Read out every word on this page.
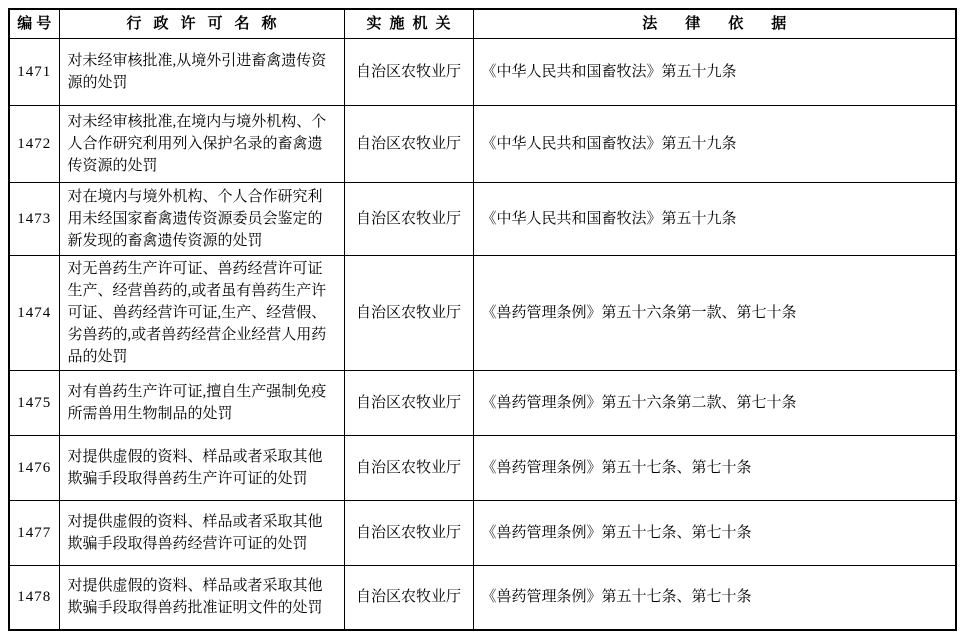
编号	行政许可名称	实施机关	法律依据
1471	对未经审核批准,从境外引进畜禽遗传资源的处罚	自治区农牧业厅	《中华人民共和国畜牧法》第五十九条
1472	对未经审核批准,在境内与境外机构、个人合作研究利用列入保护名录的畜禽遗传资源的处罚	自治区农牧业厅	《中华人民共和国畜牧法》第五十九条
1473	对在境内与境外机构、个人合作研究利用未经国家畜禽遗传资源委员会鉴定的新发现的畜禽遗传资源的处罚	自治区农牧业厅	《中华人民共和国畜牧法》第五十九条
1474	对无兽药生产许可证、兽药经营许可证生产、经营兽药的,或者虽有兽药生产许可证、兽药经营许可证,生产、经营假、劣兽药的,或者兽药经营企业经营人用药品的处罚	自治区农牧业厅	《兽药管理条例》第五十六条第一款、第七十条
1475	对有兽药生产许可证,擅自生产强制免疫所需兽用生物制品的处罚	自治区农牧业厅	《兽药管理条例》第五十六条第二款、第七十条
1476	对提供虚假的资料、样品或者采取其他欺骗手段取得兽药生产许可证的处罚	自治区农牧业厅	《兽药管理条例》第五十七条、第七十条
1477	对提供虚假的资料、样品或者采取其他欺骗手段取得兽药经营许可证的处罚	自治区农牧业厅	《兽药管理条例》第五十七条、第七十条
1478	对提供虚假的资料、样品或者采取其他欺骗手段取得兽药批准证明文件的处罚	自治区农牧业厅	《兽药管理条例》第五十七条、第七十条
